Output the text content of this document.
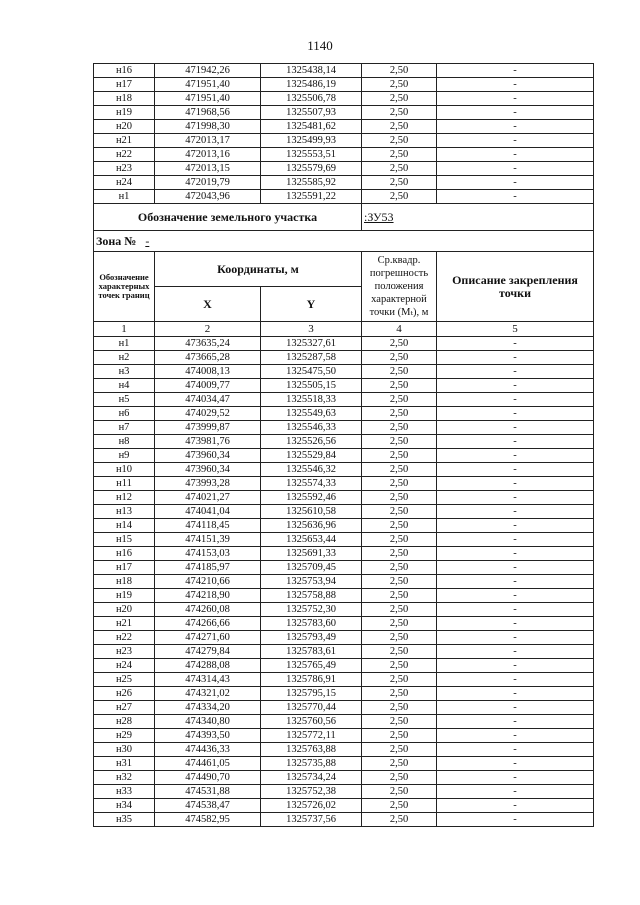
1140
н16	471942,26	1325438,14	2,50	-
н17	471951,40	1325486,19	2,50	-
н18	471951,40	1325506,78	2,50	-
н19	471968,56	1325507,93	2,50	-
н20	471998,30	1325481,62	2,50	-
н21	472013,17	1325499,93	2,50	-
н22	472013,16	1325553,51	2,50	-
н23	472013,15	1325579,69	2,50	-
н24	472019,79	1325585,92	2,50	-
н1	472043,96	1325591,22	2,50	-
Обозначение земельного участка			:ЗУ53	
Зона № -				
Обозначение характерных точек границ	Координаты, м		Ср.квадр. погрешность положения характерной точки (Мₜ), м	Описание закрепления точки
	X	Y		
1	2	3	4	5
н1	473635,24	1325327,61	2,50	-
н2	473665,28	1325287,58	2,50	-
н3	474008,13	1325475,50	2,50	-
н4	474009,77	1325505,15	2,50	-
н5	474034,47	1325518,33	2,50	-
н6	474029,52	1325549,63	2,50	-
н7	473999,87	1325546,33	2,50	-
н8	473981,76	1325526,56	2,50	-
н9	473960,34	1325529,84	2,50	-
н10	473960,34	1325546,32	2,50	-
н11	473993,28	1325574,33	2,50	-
н12	474021,27	1325592,46	2,50	-
н13	474041,04	1325610,58	2,50	-
н14	474118,45	1325636,96	2,50	-
н15	474151,39	1325653,44	2,50	-
н16	474153,03	1325691,33	2,50	-
н17	474185,97	1325709,45	2,50	-
н18	474210,66	1325753,94	2,50	-
н19	474218,90	1325758,88	2,50	-
н20	474260,08	1325752,30	2,50	-
н21	474266,66	1325783,60	2,50	-
н22	474271,60	1325793,49	2,50	-
н23	474279,84	1325783,61	2,50	-
н24	474288,08	1325765,49	2,50	-
н25	474314,43	1325786,91	2,50	-
н26	474321,02	1325795,15	2,50	-
н27	474334,20	1325770,44	2,50	-
н28	474340,80	1325760,56	2,50	-
н29	474393,50	1325772,11	2,50	-
н30	474436,33	1325763,88	2,50	-
н31	474461,05	1325735,88	2,50	-
н32	474490,70	1325734,24	2,50	-
н33	474531,88	1325752,38	2,50	-
н34	474538,47	1325726,02	2,50	-
н35	474582,95	1325737,56	2,50	-
